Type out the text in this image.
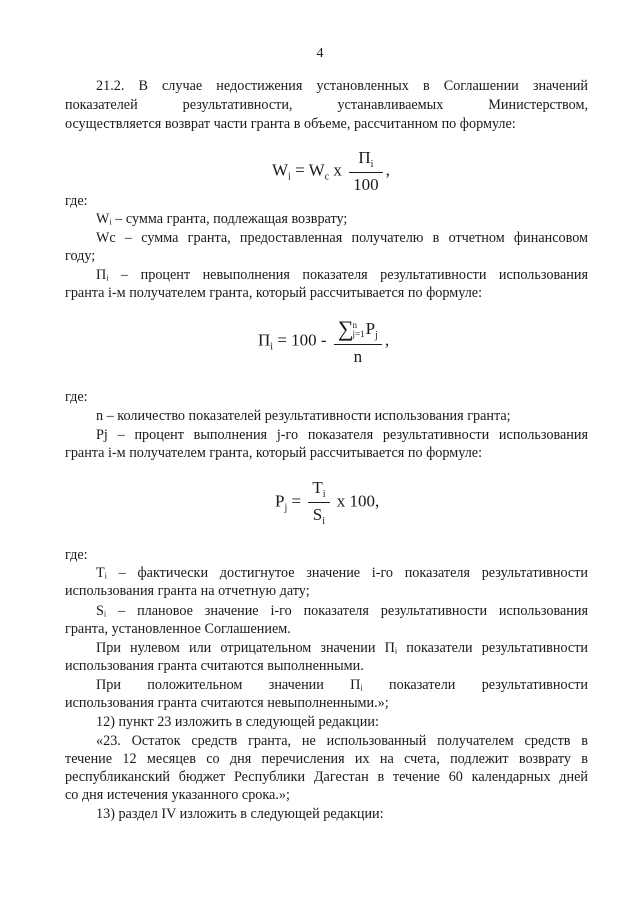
4
21.2. В случае недостижения установленных в Соглашении значений
показателей результативности, устанавливаемых Министерством,
осуществляется возврат части гранта в объеме, рассчитанном по формуле:
$W_i = W_c$ х $\frac{П_i}{100}$ ,
где:
Wᵢ – сумма гранта, подлежащая возврату;
Wс – сумма гранта, предоставленная получателю в отчетном финансовом
году;
Пᵢ – процент невыполнения показателя результативности использования
гранта i-м получателем гранта, который рассчитывается по формуле:
$П_i = 100$ - ∑ n
j=1 $P_j$
n ,
где:
n – количество показателей результативности использования гранта;
Pj – процент выполнения j-го показателя результативности использования
гранта i-м получателем гранта, который рассчитывается по формуле:
$P_j = \frac{T_i}{S_i}$ х 100,
где:
Tᵢ – фактически достигнутое значение i-го показателя результативности
использования гранта на отчетную дату;
Sᵢ – плановое значение i-го показателя результативности использования
гранта, установленное Соглашением.
При нулевом или отрицательном значении Пᵢ показатели результативности
использования гранта считаются выполненными.
При положительном значении Пᵢ показатели результативности
использования гранта считаются невыполненными.»;
12) пункт 23 изложить в следующей редакции:
«23. Остаток средств гранта, не использованный получателем средств в
течение 12 месяцев со дня перечисления их на счета, подлежит возврату в
республиканский бюджет Республики Дагестан в течение 60 календарных дней
со дня истечения указанного срока.»;
13) раздел IV изложить в следующей редакции:
